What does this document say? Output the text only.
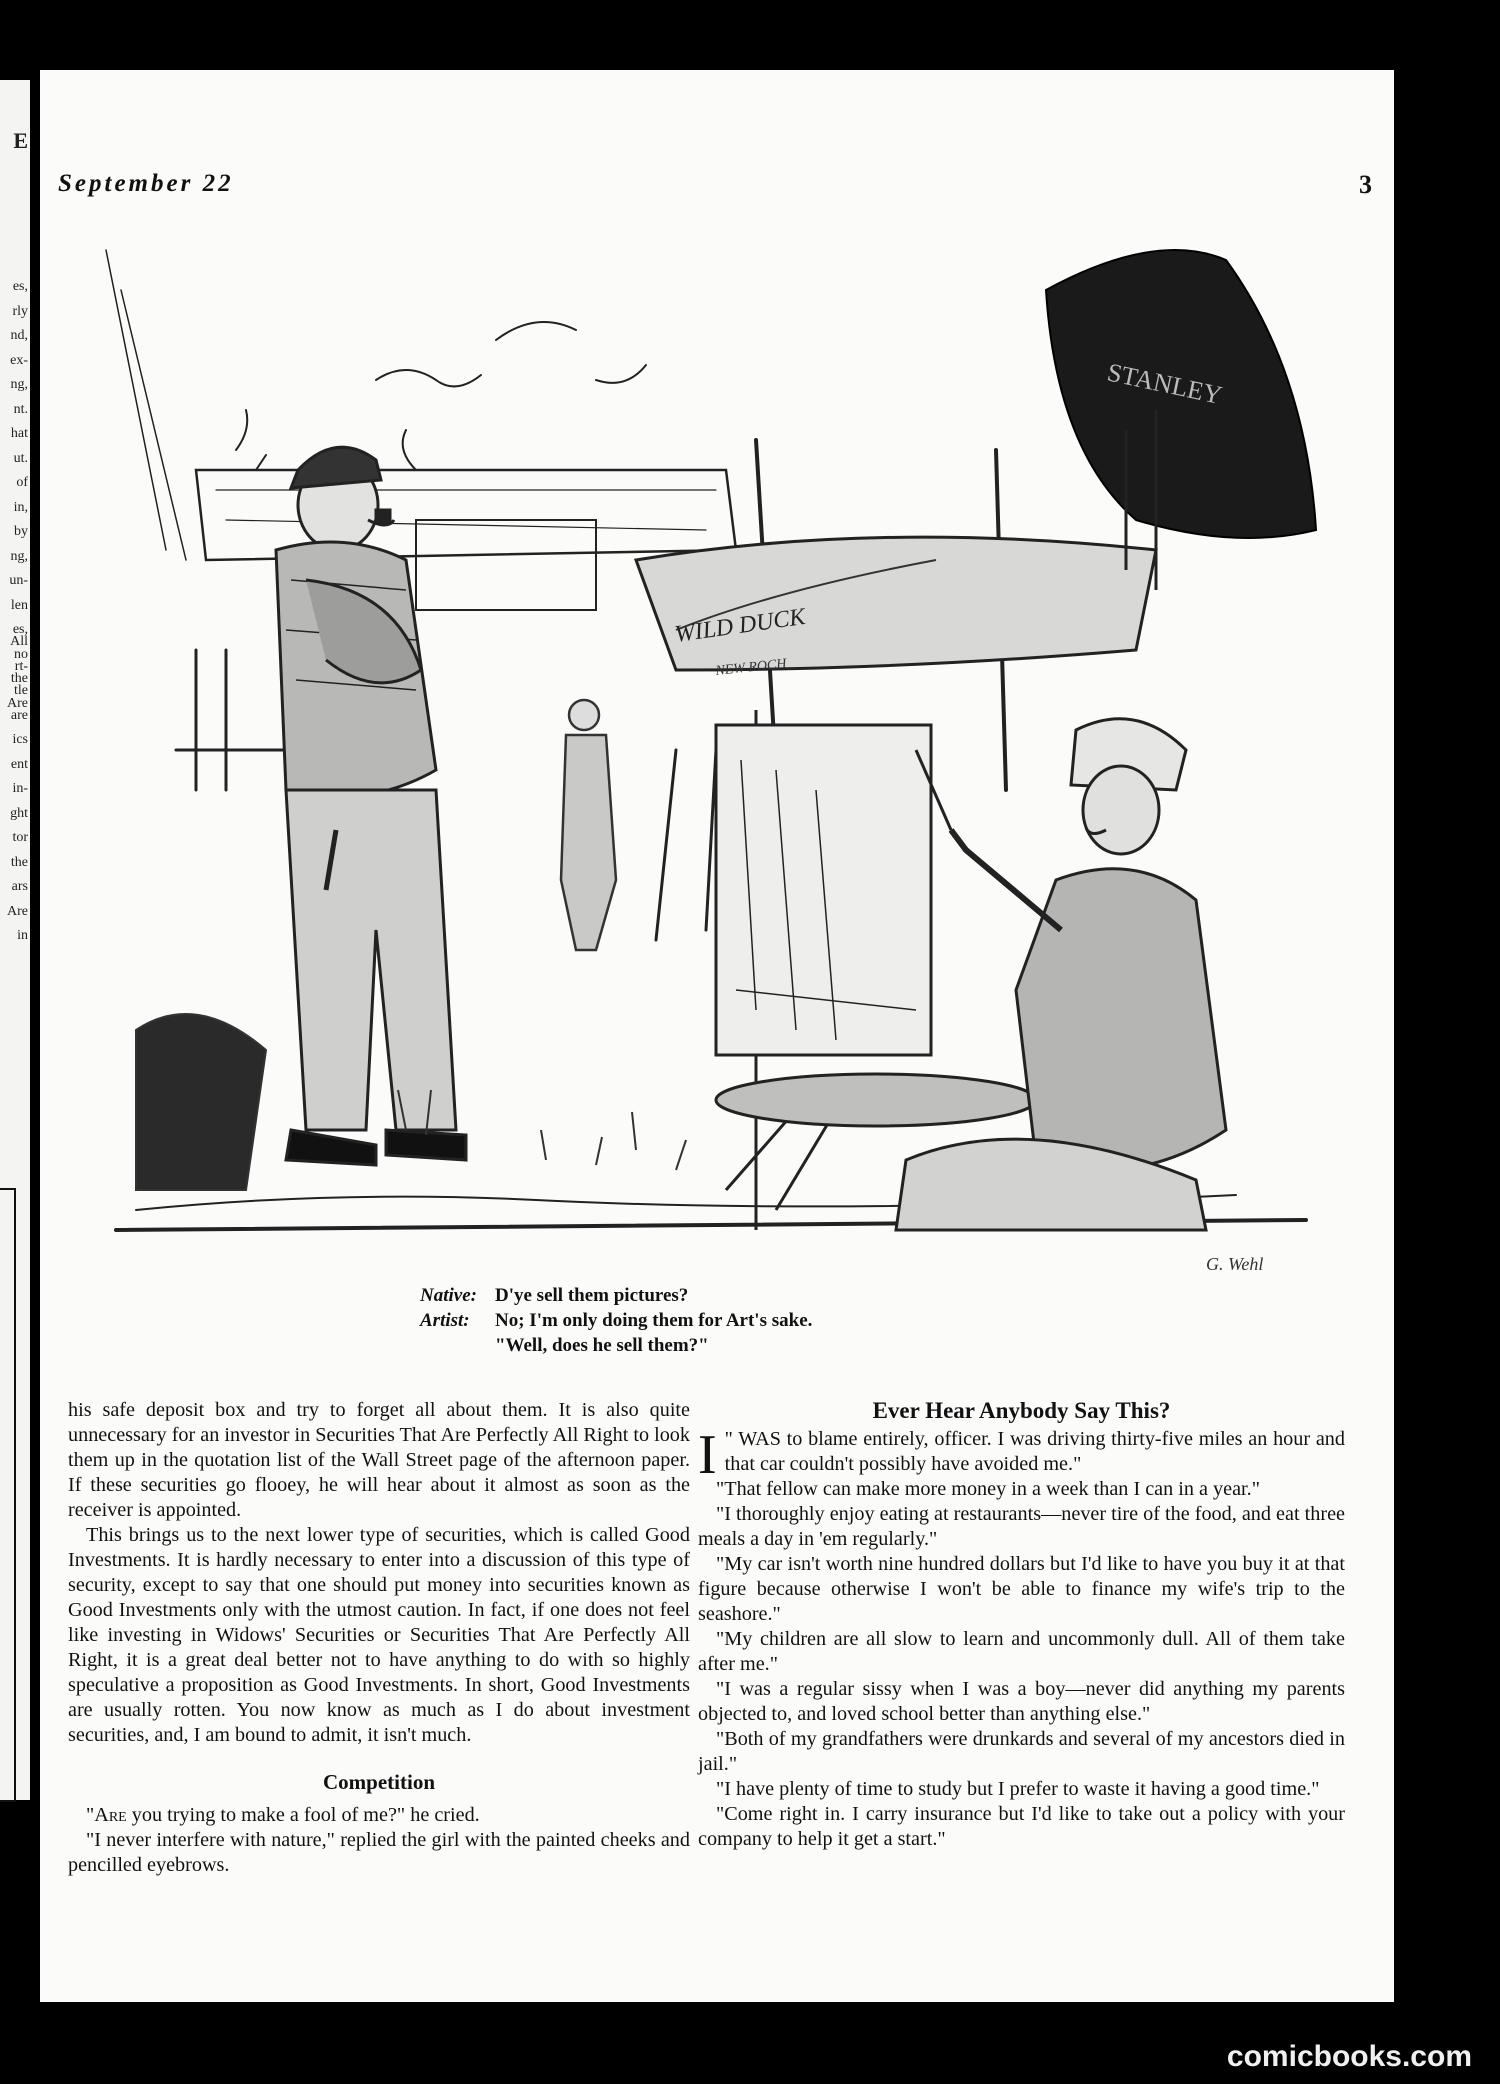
E
es,
rly
nd,
ex-
ng,
nt.
hat
ut.
of
in,
by
ng,
un-
len
es,
no
the
Are
All
rt-
tle
are
ics
ent
in-
ght
tor
the
ars
Are
in
September 22	3
WILD DUCK
NEW ROCH
STANLEY
G. Wehl
Native: D'ye sell them pictures?
Artist: No; I'm only doing them for Art's sake.
"Well, does he sell them?"

his safe deposit box and try to forget all about them. It is also quite unnecessary for an investor in Securities That Are Perfectly All Right to look them up in the quotation list of the Wall Street page of the afternoon paper. If these securities go flooey, he will hear about it almost as soon as the receiver is appointed.

This brings us to the next lower type of securities, which is called Good Investments. It is hardly necessary to enter into a discussion of this type of security, except to say that one should put money into securities known as Good Investments only with the utmost caution. In fact, if one does not feel like investing in Widows' Securities or Securities That Are Perfectly All Right, it is a great deal better not to have anything to do with so highly speculative a proposition as Good Investments. In short, Good Investments are usually rotten. You now know as much as I do about investment securities, and, I am bound to admit, it isn't much.

Competition

"Are you trying to make a fool of me?" he cried.

"I never interfere with nature," replied the girl with the painted cheeks and pencilled eyebrows.

Ever Hear Anybody Say This?

"
I WAS to blame entirely, officer. I was driving thirty-five miles an hour and that car couldn't possibly have avoided me."

"That fellow can make more money in a week than I can in a year."

"I thoroughly enjoy eating at restaurants—never tire of the food, and eat three meals a day in 'em regularly."

"My car isn't worth nine hundred dollars but I'd like to have you buy it at that figure because otherwise I won't be able to finance my wife's trip to the seashore."

"My children are all slow to learn and uncommonly dull. All of them take after me."

"I was a regular sissy when I was a boy—never did anything my parents objected to, and loved school better than anything else."

"Both of my grandfathers were drunkards and several of my ancestors died in jail."

"I have plenty of time to study but I prefer to waste it having a good time."

"Come right in. I carry insurance but I'd like to take out a policy with your company to help it get a start."

comicbooks.com
